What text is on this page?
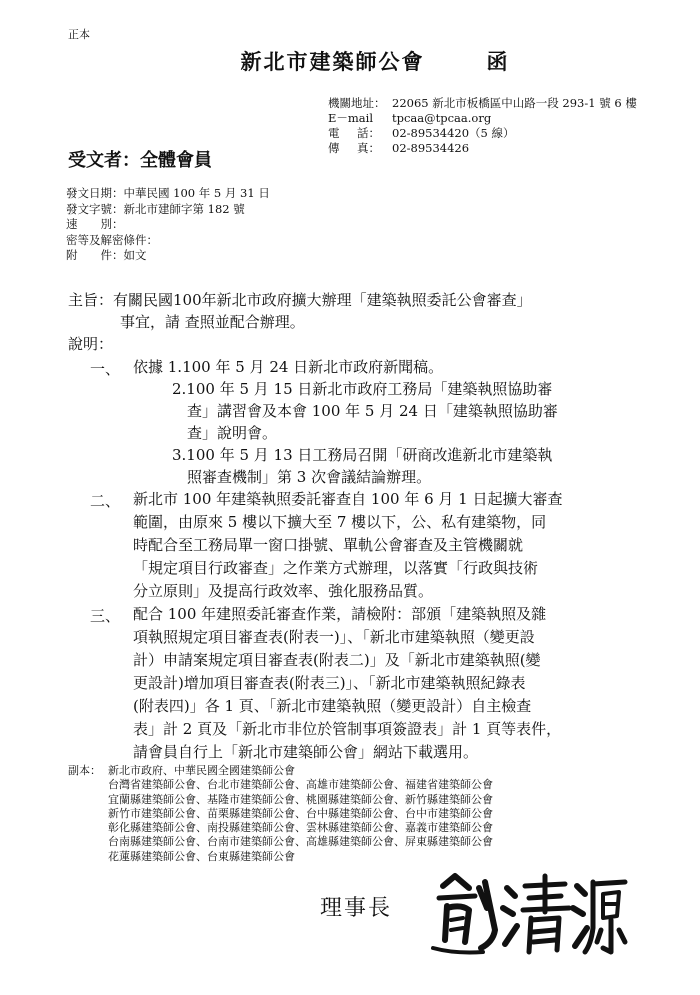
正本
新北市建築師公會	函
機關地址： 22065 新北市板橋區中山路一段 293-1 號 6 樓
E－mail	tpcaa@tpcaa.org
電 話： 02-89534420（5 線）
傳 真： 02-89534426
受文者：全體會員
發文日期： 中華民國 100 年 5 月 31 日
發文字號： 新北市建師字第 182 號
速　　別：
密等及解密條件：
附　　件： 如文
主旨：有關民國100年新北市政府擴大辦理「建築執照委託公會審查」
事宜，請 查照並配合辦理。
說明：
一、 依據 1.100 年 5 月 24 日新北市政府新聞稿。
2.100 年 5 月 15 日新北市政府工務局「建築執照協助審
查」講習會及本會 100 年 5 月 24 日「建築執照協助審
查」說明會。
3.100 年 5 月 13 日工務局召開「研商改進新北市建築執
照審查機制」第 3 次會議結論辦理。
二、 新北市 100 年建築執照委託審查自 100 年 6 月 1 日起擴大審查
範圍，由原來 5 樓以下擴大至 7 樓以下，公、私有建築物，同
時配合至工務局單一窗口掛號、單軌公會審查及主管機關就
「規定項目行政審查」之作業方式辦理，以落實「行政與技術
分立原則」及提高行政效率、強化服務品質。
三、 配合 100 年建照委託審查作業，請檢附：部頒「建築執照及雜
項執照規定項目審查表(附表一)」、「新北市建築執照（變更設
計）申請案規定項目審查表(附表二)」及「新北市建築執照(變
更設計)增加項目審查表(附表三)」、「新北市建築執照紀錄表
(附表四)」各 1 頁、「新北市建築執照（變更設計）自主檢查
表」計 2 頁及「新北市非位於管制事項簽證表」計 1 頁等表件，
請會員自行上「新北市建築師公會」網站下載選用。
副本： 新北市政府、中華民國全國建築師公會
台灣省建築師公會、台北市建築師公會、高雄市建築師公會、福建省建築師公會
宜蘭縣建築師公會、基隆市建築師公會、桃園縣建築師公會、新竹縣建築師公會
新竹市建築師公會、苗栗縣建築師公會、台中縣建築師公會、台中市建築師公會
彰化縣建築師公會、南投縣建築師公會、雲林縣建築師公會、嘉義市建築師公會
台南縣建築師公會、台南市建築師公會、高雄縣建築師公會、屏東縣建築師公會
花蓮縣建築師公會、台東縣建築師公會
理事長
